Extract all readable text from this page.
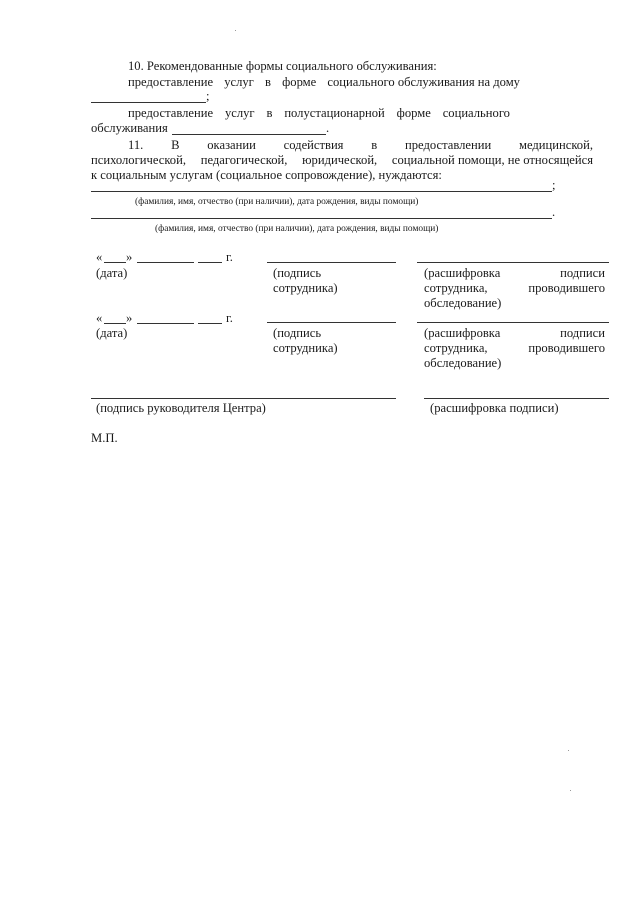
10. Рекомендованные формы социального обслуживания:
предоставление услуг в форме социального обслуживания на дому
;
предоставление услуг в полустационарной форме социального
обслуживания	.
11. В оказании содействия в предоставлении медицинской,
психологической, педагогической, юридической, социальной помощи, не относящейся
к социальным услугам (социальное сопровождение), нуждаются:
;
(фамилия, имя, отчество (при наличии), дата рождения, виды помощи)
.
(фамилия, имя, отчество (при наличии), дата рождения, виды помощи)
« »	г.
(дата)	(подпись
сотрудника)
(расшифровка	подписи
сотрудника,	проводившего
обследование)
« »	г.
(дата)	(подпись
сотрудника)
(расшифровка	подписи
сотрудника,	проводившего
обследование)
(подпись руководителя Центра)	(расшифровка подписи)
М.П.
